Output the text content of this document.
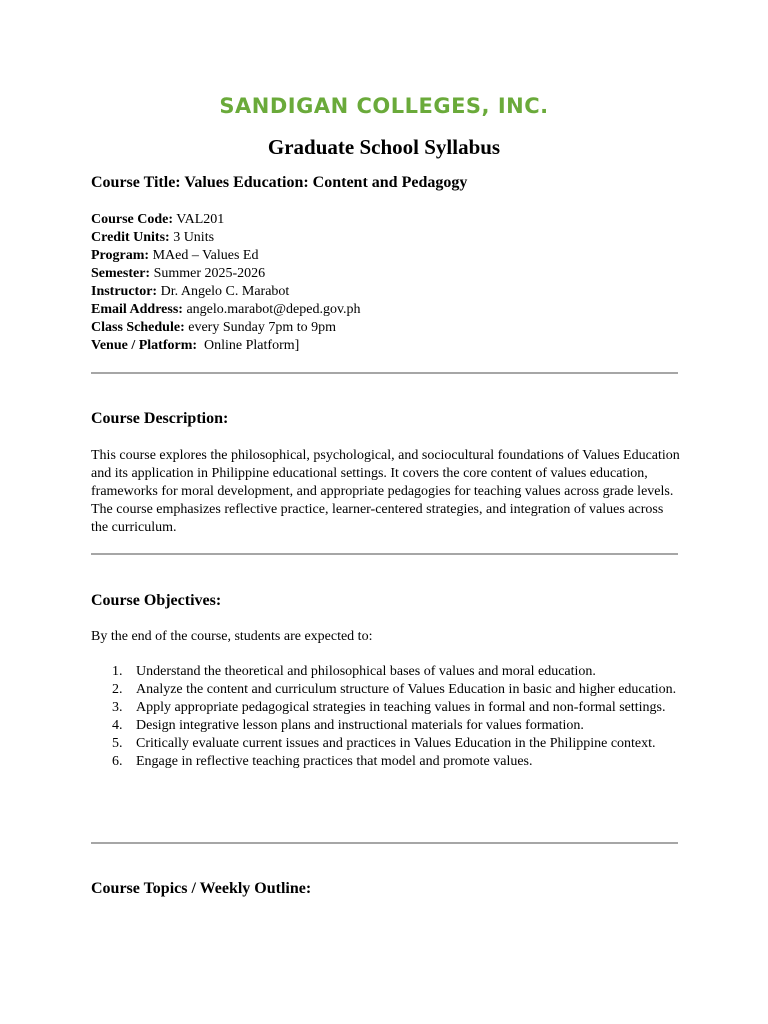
SANDIGAN COLLEGES, INC.
Graduate School Syllabus
Course Title: Values Education: Content and Pedagogy
Course Code: VAL201
Credit Units: 3 Units
Program: MAed – Values Ed
Semester: Summer 2025-2026
Instructor: Dr. Angelo C. Marabot
Email Address: angelo.marabot@deped.gov.ph
Class Schedule: every Sunday 7pm to 9pm
Venue / Platform:  Online Platform]
Course Description:
This course explores the philosophical, psychological, and sociocultural foundations of Values Education and its application in Philippine educational settings. It covers the core content of values education, frameworks for moral development, and appropriate pedagogies for teaching values across grade levels. The course emphasizes reflective practice, learner-centered strategies, and integration of values across the curriculum.
Course Objectives:
By the end of the course, students are expected to:
1. Understand the theoretical and philosophical bases of values and moral education.
2. Analyze the content and curriculum structure of Values Education in basic and higher education.
3. Apply appropriate pedagogical strategies in teaching values in formal and non-formal settings.
4. Design integrative lesson plans and instructional materials for values formation.
5. Critically evaluate current issues and practices in Values Education in the Philippine context.
6. Engage in reflective teaching practices that model and promote values.
Course Topics / Weekly Outline:
